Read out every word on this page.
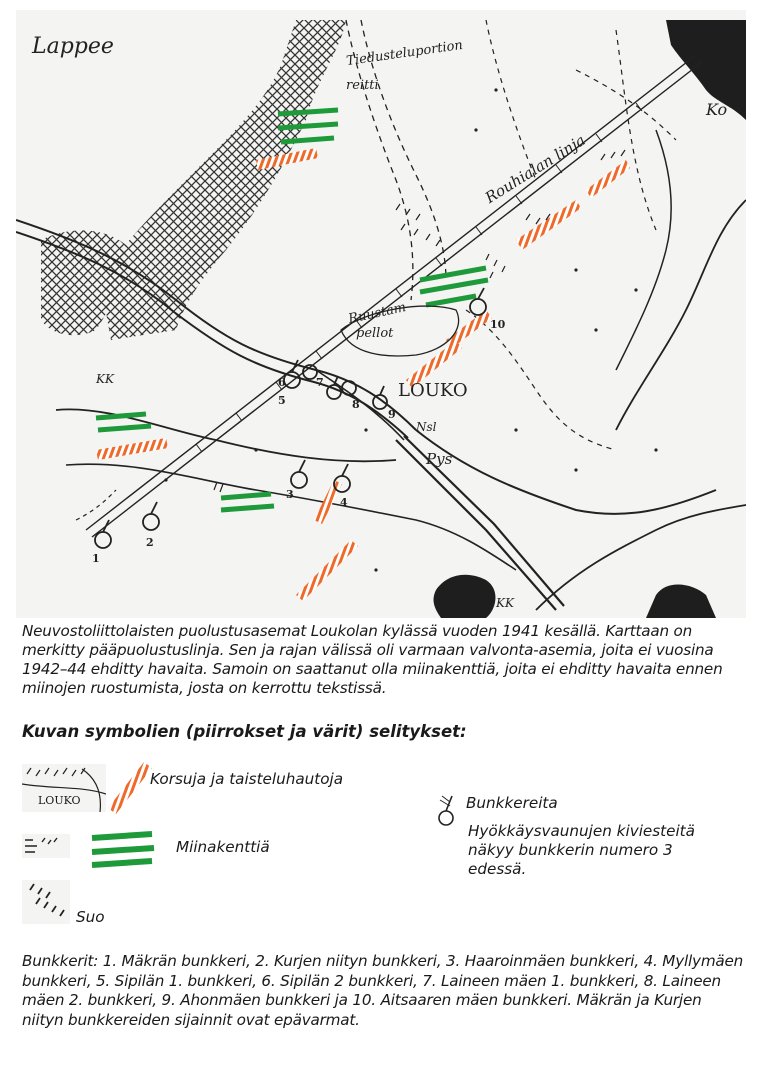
Lappee	Tiedusteluportion
reitti
Ko
Rouhialan linja
Ruustam
pellot
LOUKO
KK
KK
Nsl
Pys
1
2
3
4
5
6	7
8
9
10
Neuvostoliittolaisten puolustusasemat Loukolan kylässä vuoden 1941 kesällä. Karttaan on merkitty pääpuolustuslinja. Sen ja rajan välissä oli varmaan valvonta-asemia, joita ei vuosina 1942–44 ehditty havaita. Samoin on saattanut olla miinakenttiä, joita ei ehditty havaita ennen miinojen ruostumista, josta on kerrottu tekstissä.
Kuvan symbolien (piirrokset ja värit) selitykset:
LOUKO
Korsuja ja taisteluhautoja
Miinakenttiä
Suo
Bunkkereita
Hyökkäysvaunujen kiviesteitä näkyy bunkkerin numero 3 edessä.
Bunkkerit: 1. Mäkrän bunkkeri, 2. Kurjen niityn bunkkeri, 3. Haaroinmäen bunkkeri, 4. Myllymäen bunkkeri, 5. Sipilän 1. bunkkeri, 6. Sipilän 2 bunkkeri, 7. Laineen mäen 1. bunkkeri, 8. Laineen mäen 2. bunkkeri, 9. Ahonmäen bunkkeri ja 10. Aitsaaren mäen bunkkeri. Mäkrän ja Kurjen niityn bunkkereiden sijainnit ovat epävarmat.
